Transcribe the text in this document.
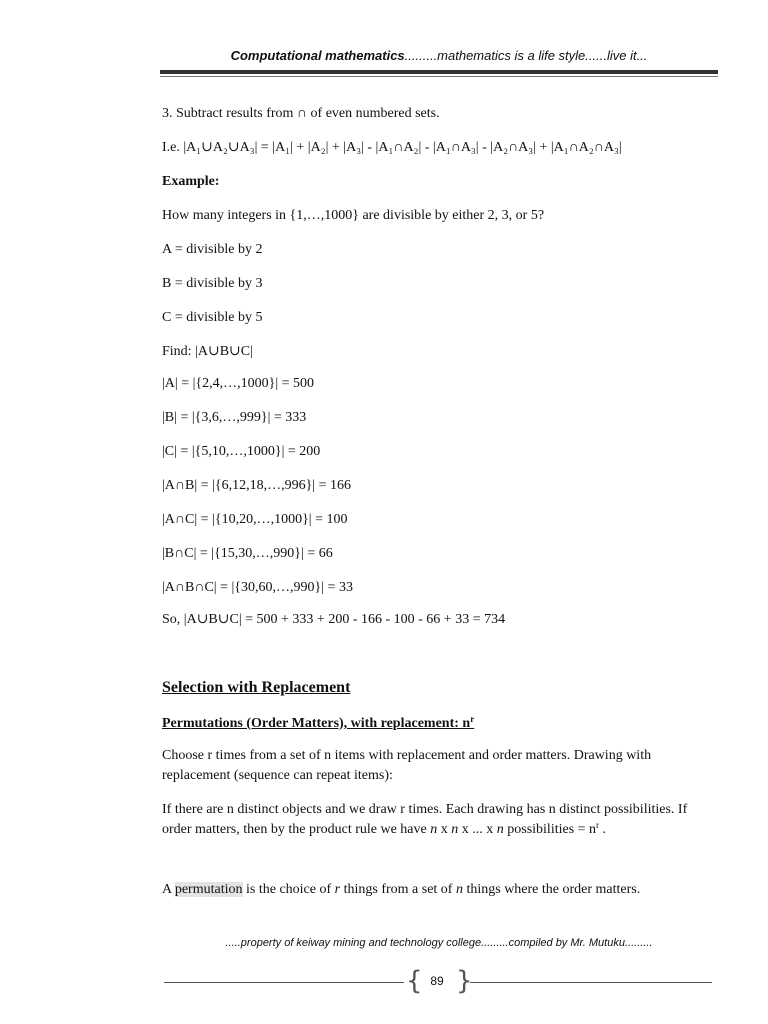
Computational mathematics.........mathematics is a life style......live it...
3. Subtract results from ∩ of even numbered sets.
I.e. |A₁∪A₂∪A₃| = |A₁| + |A₂| + |A₃| - |A₁∩A₂| - |A₁∩A₃| - |A₂∩A₃| + |A₁∩A₂∩A₃|
Example:
How many integers in {1,…,1000} are divisible by either 2, 3, or 5?
A = divisible by 2
B = divisible by 3
C = divisible by 5
Find: |A∪B∪C|
|A| = |{2,4,…,1000}| = 500
|B| = |{3,6,…,999}| = 333
|C| = |{5,10,…,1000}| = 200
|A∩B| = |{6,12,18,…,996}| = 166
|A∩C| = |{10,20,…,1000}| = 100
|B∩C| = |{15,30,…,990}| = 66
|A∩B∩C| = |{30,60,…,990}| = 33
So, |A∪B∪C| = 500 + 333 + 200 - 166 - 100 - 66 + 33 = 734
Selection with Replacement
Permutations (Order Matters), with replacement: $n^r$
Choose r times from a set of n items with replacement and order matters. Drawing with replacement (sequence can repeat items):
If there are n distinct objects and we draw r times. Each drawing has n distinct possibilities. If order matters, then by the product rule we have n x n x ... x n possibilities = $n^r$ .
A permutation is the choice of r things from a set of n things where the order matters.
.....property of keiway mining and technology college.........compiled by Mr. Mutuku.........
{ 89 }
